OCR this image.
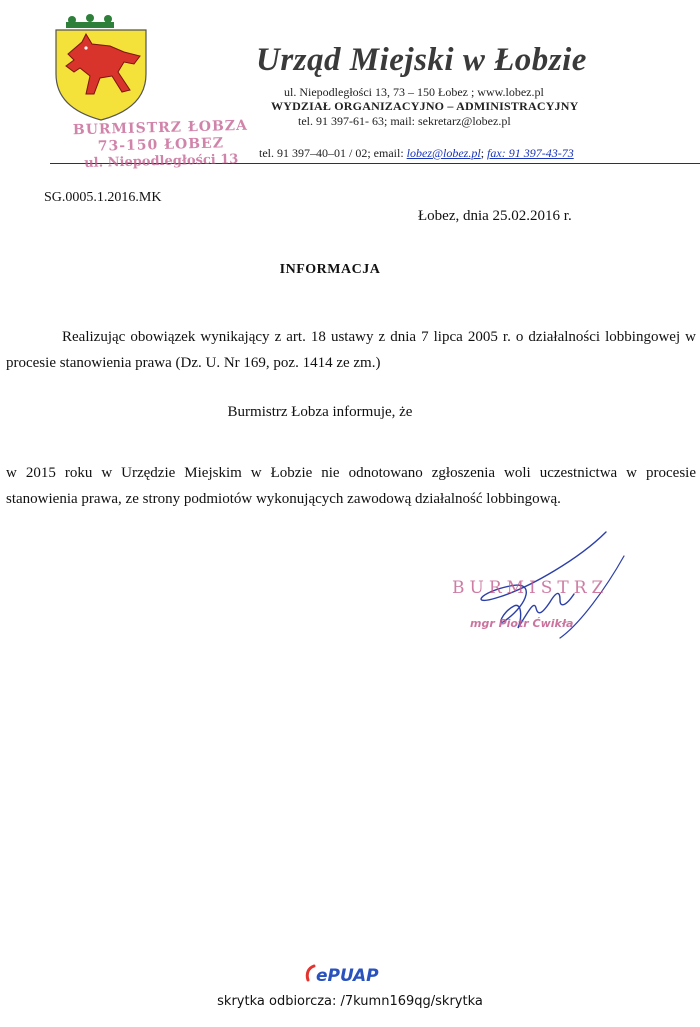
Urząd Miejski w Łobzie
ul. Niepodległości 13, 73 – 150 Łobez ; www.lobez.pl
WYDZIAŁ ORGANIZACYJNO – ADMINISTRACYJNY
tel. 91 397-61- 63; mail: sekretarz@lobez.pl
tel. 91 397–40–01 / 02; email: lobez@lobez.pl; fax: 91 397-43-73
BURMISTRZ ŁOBZA
73-150 ŁOBEZ
ul. Niepodległości 13
SG.0005.1.2016.MK
Łobez, dnia 25.02.2016 r.
INFORMACJA
Realizując obowiązek wynikający z art. 18 ustawy z dnia 7 lipca 2005 r. o działalności lobbingowej w procesie stanowienia prawa (Dz. U. Nr 169, poz. 1414 ze zm.)
Burmistrz Łobza informuje, że
w 2015 roku w Urzędzie Miejskim w Łobzie nie odnotowano zgłoszenia woli uczestnictwa w procesie stanowienia prawa, ze strony podmiotów wykonujących zawodową działalność lobbingową.
BURMISTRZ
mgr Piotr Ćwikła
ePUAP
skrytka odbiorcza: /7kumn169qg/skrytka
